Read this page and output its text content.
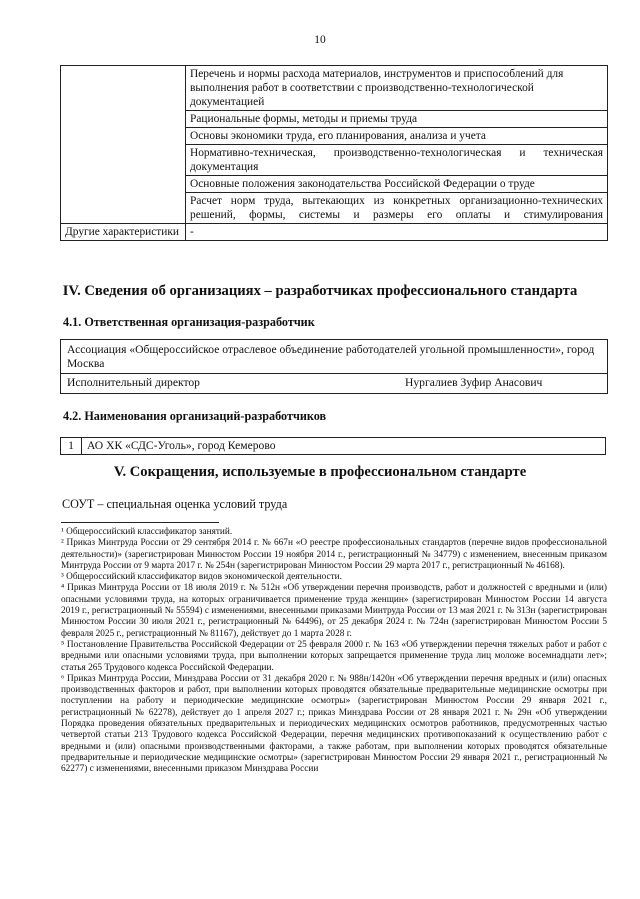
10
	Перечень и нормы расхода материалов, инструментов и приспособлений для выполнения работ в соответствии с производственно-технологической документацией
	Рациональные формы, методы и приемы труда
	Основы экономики труда, его планирования, анализа и учета
	Нормативно-техническая, производственно-технологическая и техническая документация
	Основные положения законодательства Российской Федерации о труде
	Расчет норм труда, вытекающих из конкретных организационно-технических решений, формы, системы и размеры его оплаты и стимулирования
Другие характеристики	-
IV. Сведения об организациях – разработчиках профессионального стандарта
4.1. Ответственная организация-разработчик
Ассоциация «Общероссийское отраслевое объединение работодателей угольной промышленности», город Москва
Исполнительный директор	Нургалиев Зуфир Анасович
4.2. Наименования организаций-разработчиков
1	АО ХК «СДС-Уголь», город Кемерово
V. Сокращения, используемые в профессиональном стандарте
СОУТ – специальная оценка условий труда

¹ Общероссийский классификатор занятий.

² Приказ Минтруда России от 29 сентября 2014 г. № 667н «О реестре профессиональных стандартов (перечне видов профессиональной деятельности)» (зарегистрирован Минюстом России 19 ноября 2014 г., регистрационный № 34779) с изменением, внесенным приказом Минтруда России от 9 марта 2017 г. № 254н (зарегистрирован Минюстом России 29 марта 2017 г., регистрационный № 46168).

³ Общероссийский классификатор видов экономической деятельности.

⁴ Приказ Минтруда России от 18 июля 2019 г. № 512н «Об утверждении перечня производств, работ и должностей с вредными и (или) опасными условиями труда, на которых ограничивается применение труда женщин» (зарегистрирован Минюстом России 14 августа 2019 г., регистрационный № 55594) с изменениями, внесенными приказами Минтруда России от 13 мая 2021 г. № 313н (зарегистрирован Минюстом России 30 июля 2021 г., регистрационный № 64496), от 25 декабря 2024 г. № 724н (зарегистрирован Минюстом России 5 февраля 2025 г., регистрационный № 81167), действует до 1 марта 2028 г.

⁵ Постановление Правительства Российской Федерации от 25 февраля 2000 г. № 163 «Об утверждении перечня тяжелых работ и работ с вредными или опасными условиями труда, при выполнении которых запрещается применение труда лиц моложе восемнадцати лет»; статья 265 Трудового кодекса Российской Федерации.

⁶ Приказ Минтруда России, Минздрава России от 31 декабря 2020 г. № 988н/1420н «Об утверждении перечня вредных и (или) опасных производственных факторов и работ, при выполнении которых проводятся обязательные предварительные медицинские осмотры при поступлении на работу и периодические медицинские осмотры» (зарегистрирован Минюстом России 29 января 2021 г., регистрационный № 62278), действует до 1 апреля 2027 г.; приказ Минздрава России от 28 января 2021 г. № 29н «Об утверждении Порядка проведения обязательных предварительных и периодических медицинских осмотров работников, предусмотренных частью четвертой статьи 213 Трудового кодекса Российской Федерации, перечня медицинских противопоказаний к осуществлению работ с вредными и (или) опасными производственными факторами, а также работам, при выполнении которых проводятся обязательные предварительные и периодические медицинские осмотры» (зарегистрирован Минюстом России 29 января 2021 г., регистрационный № 62277) с изменениями, внесенными приказом Минздрава России
